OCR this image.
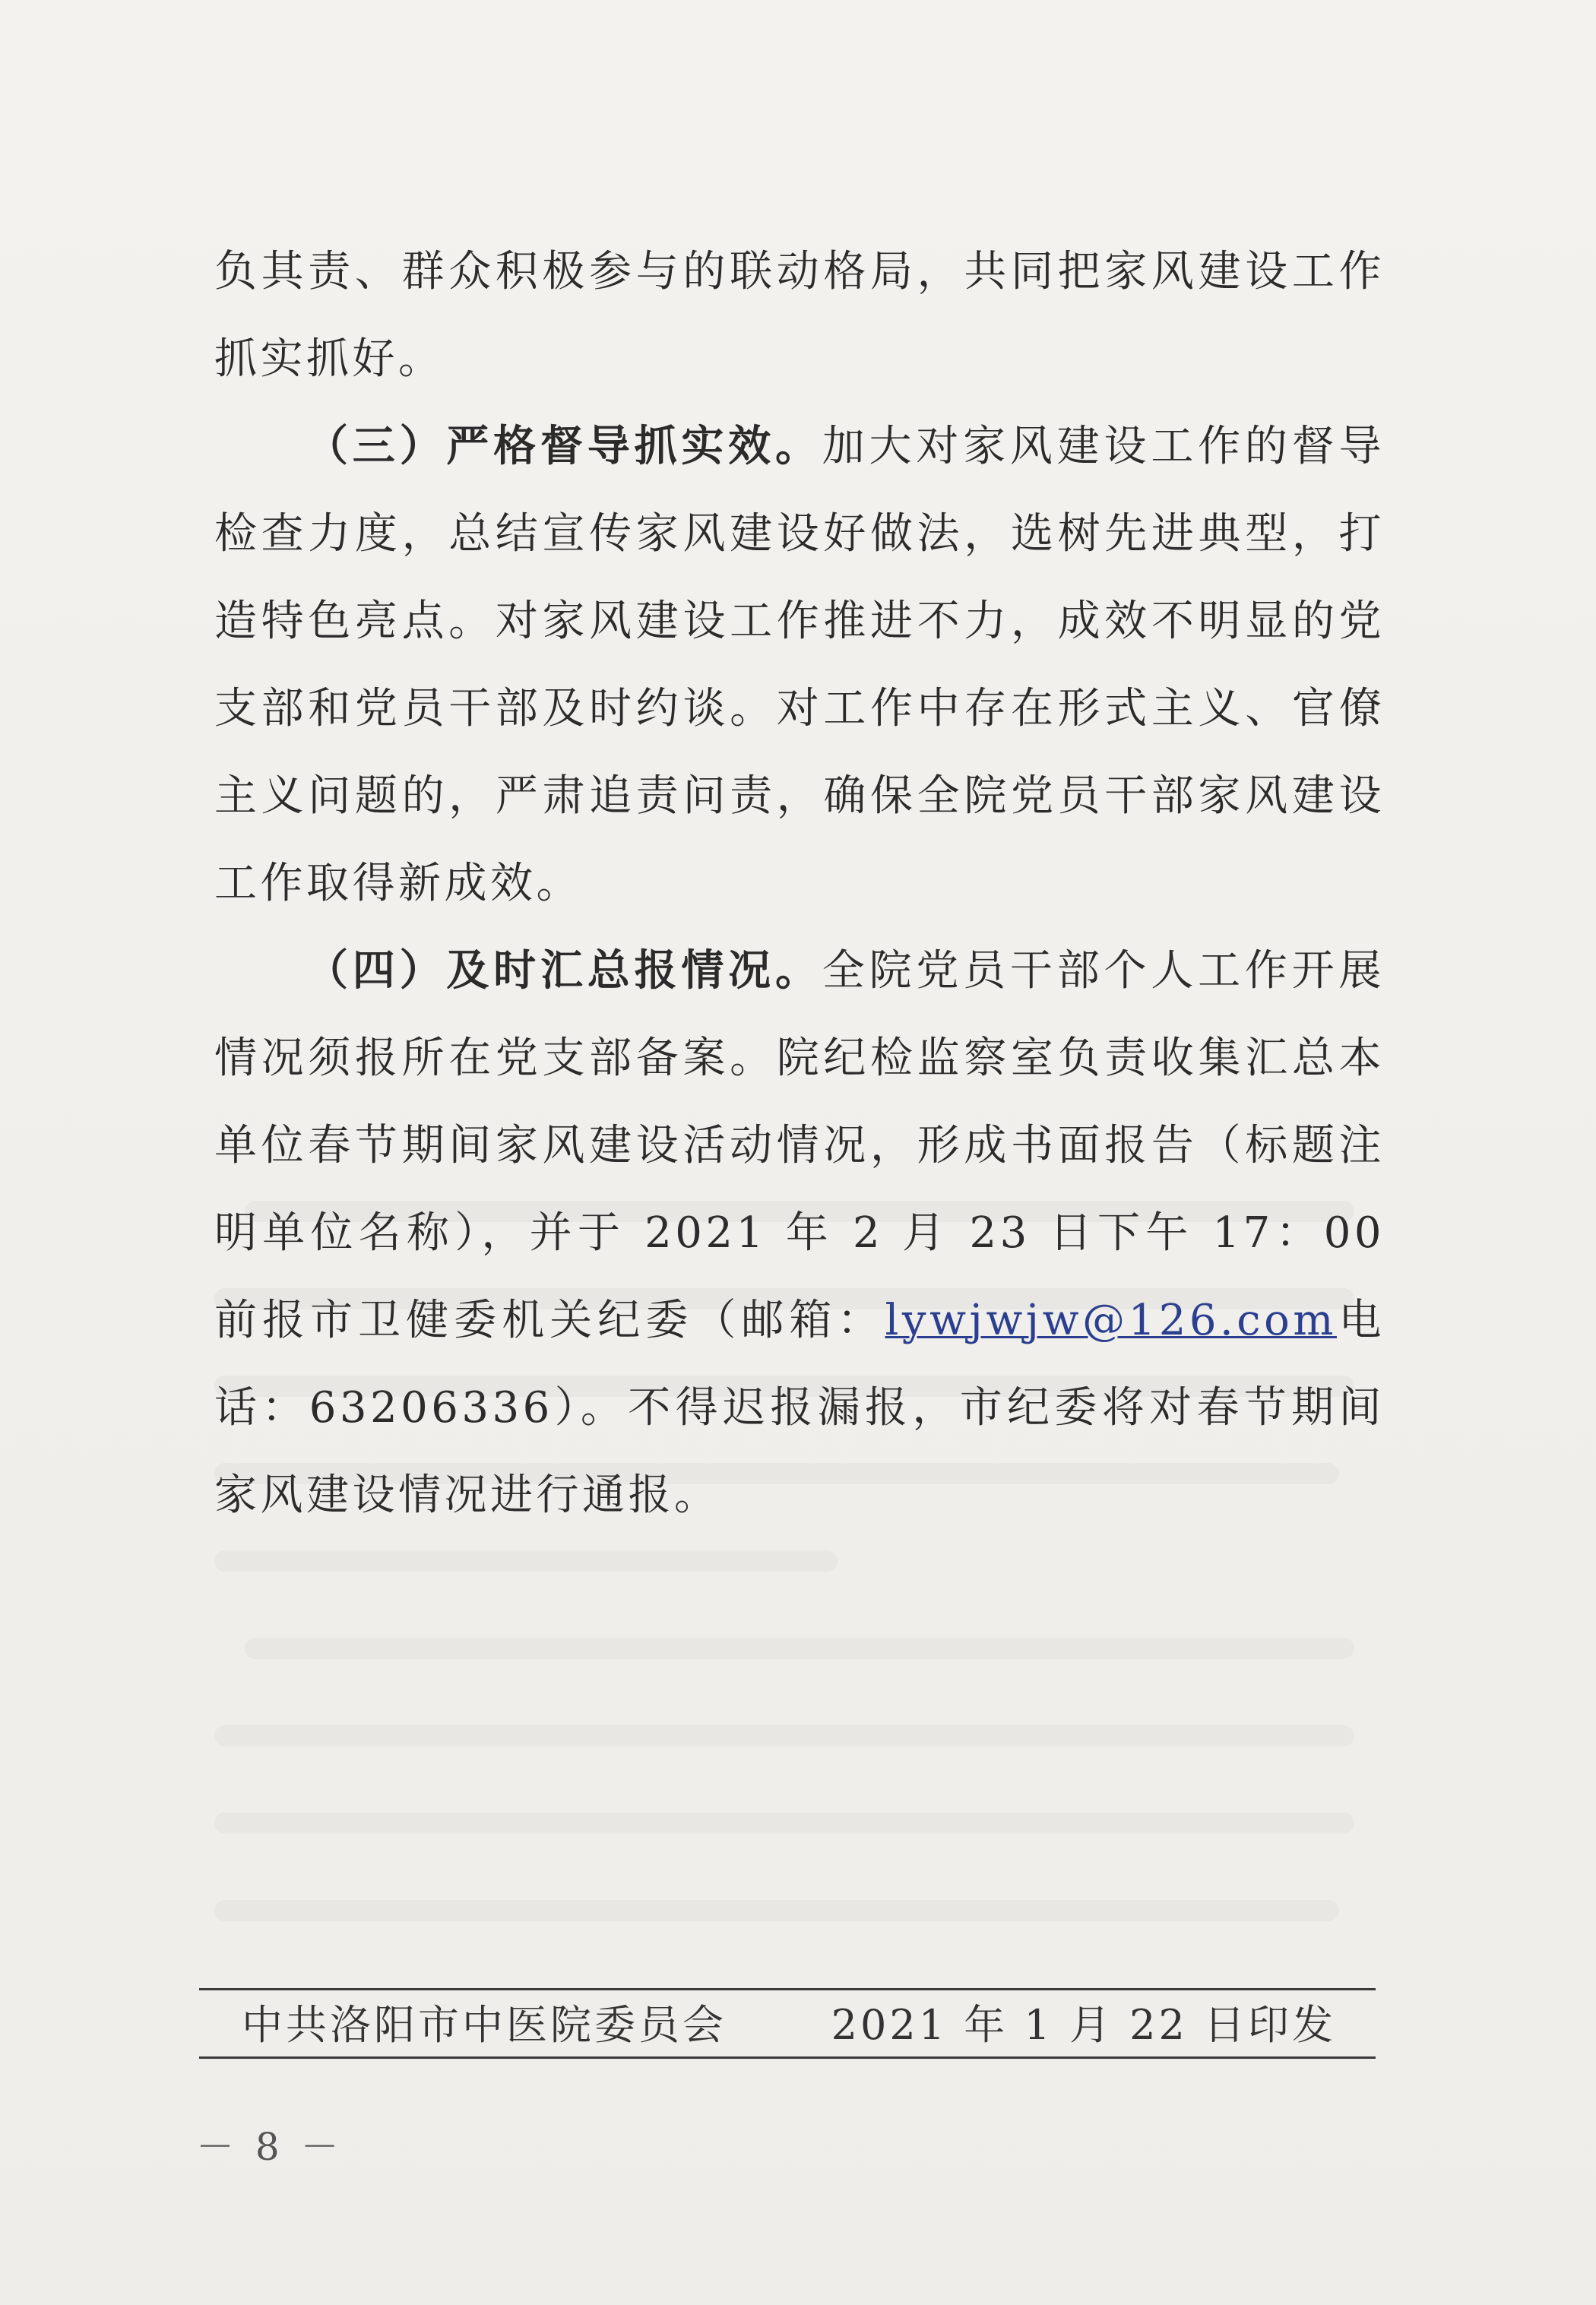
负其责、群众积极参与的联动格局，共同把家风建设工作抓实抓好。

（三）严格督导抓实效。加大对家风建设工作的督导检查力度，总结宣传家风建设好做法，选树先进典型，打造特色亮点。对家风建设工作推进不力，成效不明显的党支部和党员干部及时约谈。对工作中存在形式主义、官僚主义问题的，严肃追责问责，确保全院党员干部家风建设工作取得新成效。

（四）及时汇总报情况。全院党员干部个人工作开展情况须报所在党支部备案。院纪检监察室负责收集汇总本单位春节期间家风建设活动情况，形成书面报告（标题注明单位名称），并于 2021 年 2 月 23 日下午 17：00 前报市卫健委机关纪委（邮箱：lywjwjw@126.com电话：63206336）。不得迟报漏报，市纪委将对春节期间家风建设情况进行通报。

中共洛阳市中医院委员会	2021 年 1 月 22 日印发
－ 8 －
